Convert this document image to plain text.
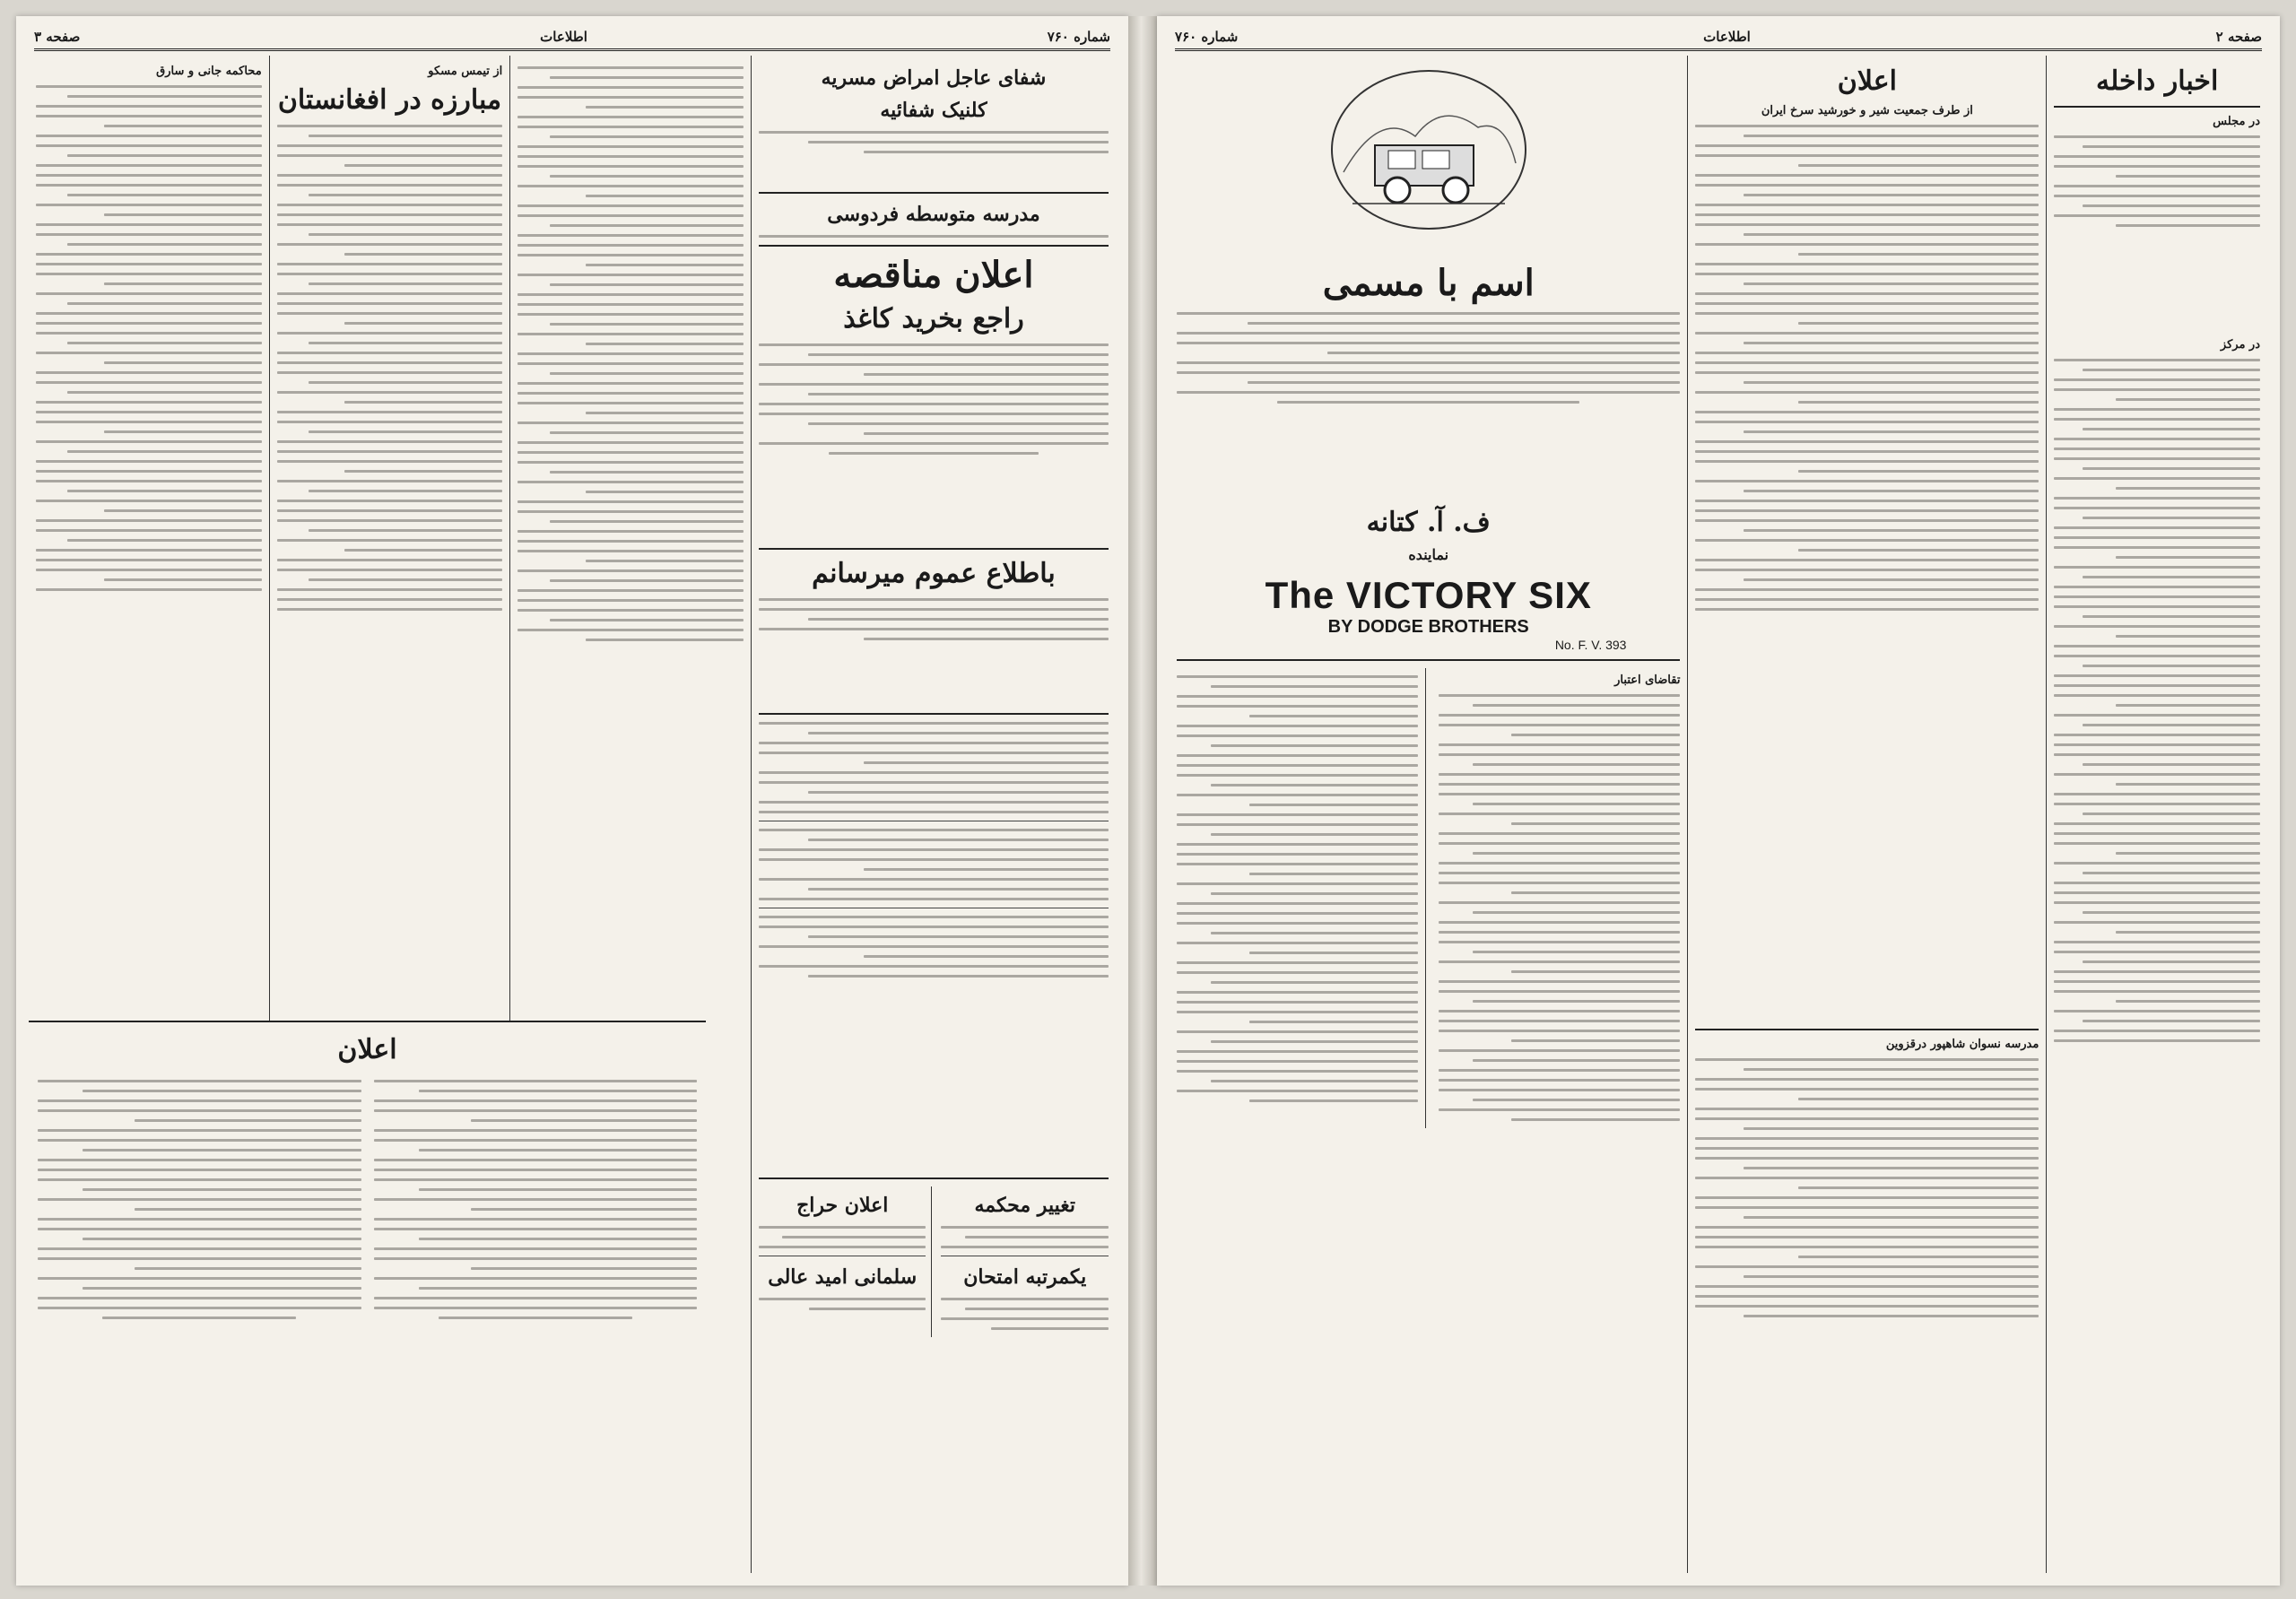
شماره ۷۶۰
اطلاعات
صفحه ۳
شفای عاجل امراض مسریه
کلنیک شفائیه
مدرسه متوسطه فردوسی
اعلان مناقصه
راجع بخرید کاغذ
باطلاع عموم میرسانم
تغییر محکمه
یکمرتبه امتحان
اعلان حراج
سلمانی امید عالی
از تیمس مسکو
مبارزه در افغانستان
محاکمه جانی و سارق
اعلان
صفحه ۲
اطلاعات
شماره ۷۶۰
اخبار داخله
در مجلس
در مرکز
اعلان
از طرف جمعیت شیر و خورشید سرخ ایران
مدرسه نسوان شاهپور درقزوین
اسم با مسمی
ف. آ. کتانه
نماینده
The VICTORY SIX
BY DODGE BROTHERS
No. F. V. 393
تقاضای اعتبار
